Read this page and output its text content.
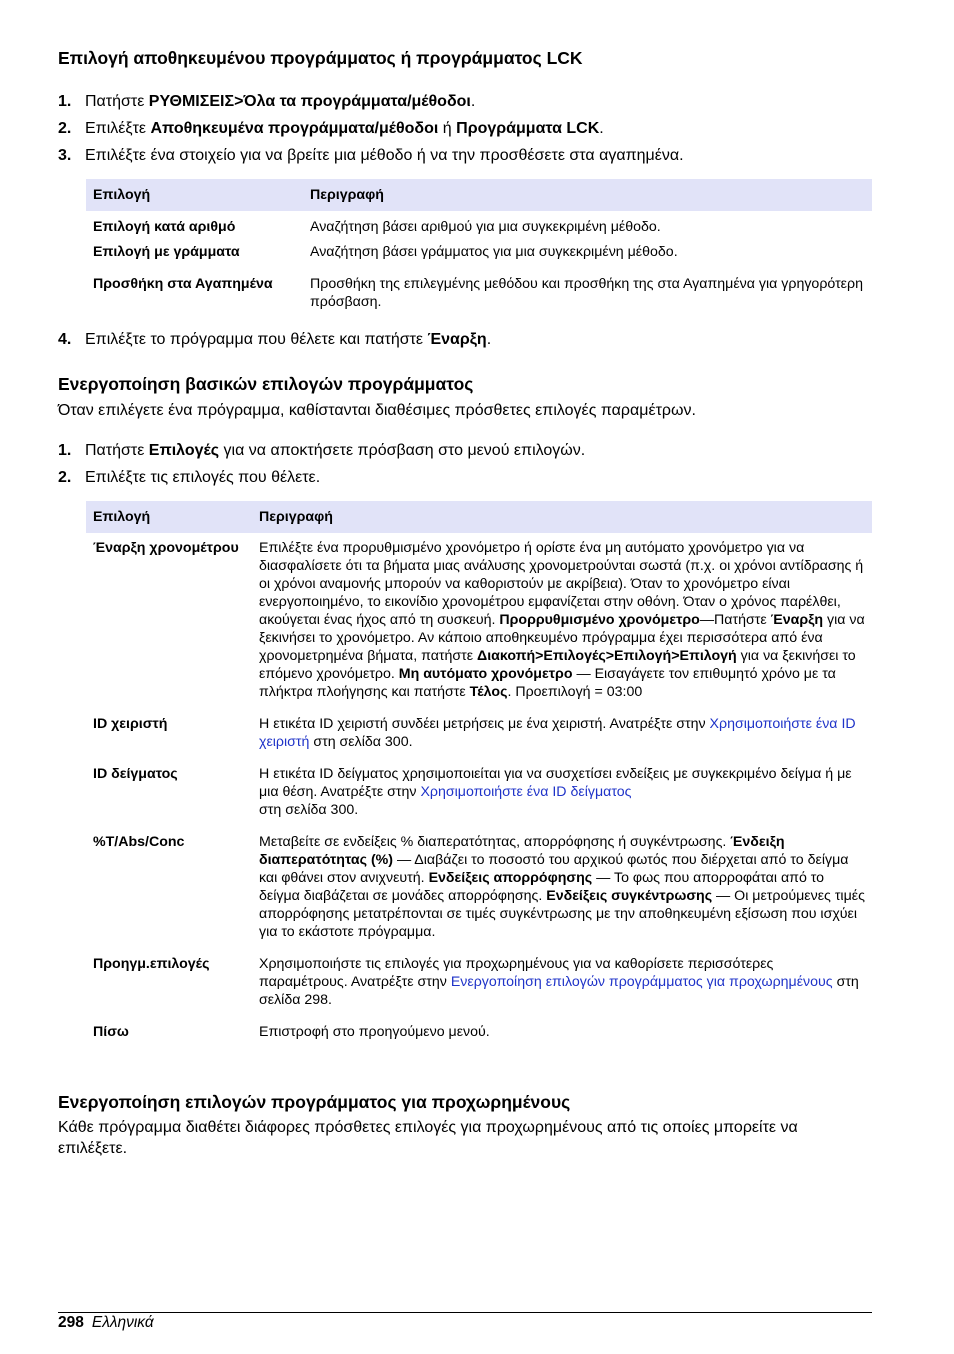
Επιλογή αποθηκευμένου προγράμματος ή προγράμματος LCK
1. Πατήστε ΡΥΘΜΙΣΕΙΣ>Όλα τα προγράμματα/μέθοδοι.
2. Επιλέξτε Αποθηκευμένα προγράμματα/μέθοδοι ή Προγράμματα LCK.
3. Επιλέξτε ένα στοιχείο για να βρείτε μια μέθοδο ή να την προσθέσετε στα αγαπημένα.
Επιλογή	Περιγραφή
Επιλογή κατά αριθμό	Αναζήτηση βάσει αριθμού για μια συγκεκριμένη μέθοδο.
Επιλογή με γράμματα	Αναζήτηση βάσει γράμματος για μια συγκεκριμένη μέθοδο.
Προσθήκη στα Αγαπημένα	Προσθήκη της επιλεγμένης μεθόδου και προσθήκη της στα Αγαπημένα για γρηγορότερη πρόσβαση.
4. Επιλέξτε το πρόγραμμα που θέλετε και πατήστε Έναρξη.
Ενεργοποίηση βασικών επιλογών προγράμματος

Όταν επιλέγετε ένα πρόγραμμα, καθίστανται διαθέσιμες πρόσθετες επιλογές παραμέτρων.

1. Πατήστε Επιλογές για να αποκτήσετε πρόσβαση στο μενού επιλογών.
2. Επιλέξτε τις επιλογές που θέλετε.
Επιλογή	Περιγραφή
Έναρξη χρονομέτρου	Επιλέξτε ένα προρυθμισμένο χρονόμετρο ή ορίστε ένα μη αυτόματο χρονόμετρο για να διασφαλίσετε ότι τα βήματα μιας ανάλυσης χρονομετρούνται σωστά (π.χ. οι χρόνοι αντίδρασης ή οι χρόνοι αναμονής μπορούν να καθοριστούν με ακρίβεια). Όταν το χρονόμετρο είναι ενεργοποιημένο, το εικονίδιο χρονομέτρου εμφανίζεται στην οθόνη. Όταν ο χρόνος παρέλθει, ακούγεται ένας ήχος από τη συσκευή. Προρρυθμισμένο χρονόμετρο—Πατήστε Έναρξη για να ξεκινήσει το χρονόμετρο. Αν κάποιο αποθηκευμένο πρόγραμμα έχει περισσότερα από ένα χρονομετρημένα βήματα, πατήστε Διακοπή>Επιλογές>Επιλογή>Επιλογή για να ξεκινήσει το επόμενο χρονόμετρο. Μη αυτόματο χρονόμετρο — Εισαγάγετε τον επιθυμητό χρόνο με τα πλήκτρα πλοήγησης και πατήστε Τέλος. Προεπιλογή = 03:00
ID χειριστή	Η ετικέτα ID χειριστή συνδέει μετρήσεις με ένα χειριστή. Ανατρέξτε στην Χρησιμοποιήστε ένα ID χειριστή στη σελίδα 300.
ID δείγματος	Η ετικέτα ID δείγματος χρησιμοποιείται για να συσχετίσει ενδείξεις με συγκεκριμένο δείγμα ή με μια θέση. Ανατρέξτε στην Χρησιμοποιήστε ένα ID δείγματος
στη σελίδα 300.
%T/Abs/Conc	Μεταβείτε σε ενδείξεις % διαπερατότητας, απορρόφησης ή συγκέντρωσης. Ένδειξη διαπερατότητας (%) — Διαβάζει το ποσοστό του αρχικού φωτός που διέρχεται από το δείγμα και φθάνει στον ανιχνευτή. Ενδείξεις απορρόφησης — Το φως που απορροφάται από το δείγμα διαβάζεται σε μονάδες απορρόφησης. Ενδείξεις συγκέντρωσης — Οι μετρούμενες τιμές απορρόφησης μετατρέπονται σε τιμές συγκέντρωσης με την αποθηκευμένη εξίσωση που ισχύει για το εκάστοτε πρόγραμμα.
Προηγμ.επιλογές	Χρησιμοποιήστε τις επιλογές για προχωρημένους για να καθορίσετε περισσότερες παραμέτρους. Ανατρέξτε στην Ενεργοποίηση επιλογών προγράμματος για προχωρημένους στη σελίδα 298.
Πίσω	Επιστροφή στο προηγούμενο μενού.
Ενεργοποίηση επιλογών προγράμματος για προχωρημένους

Κάθε πρόγραμμα διαθέτει διάφορες πρόσθετες επιλογές για προχωρημένους από τις οποίες μπορείτε να επιλέξετε.

298 Ελληνικά
